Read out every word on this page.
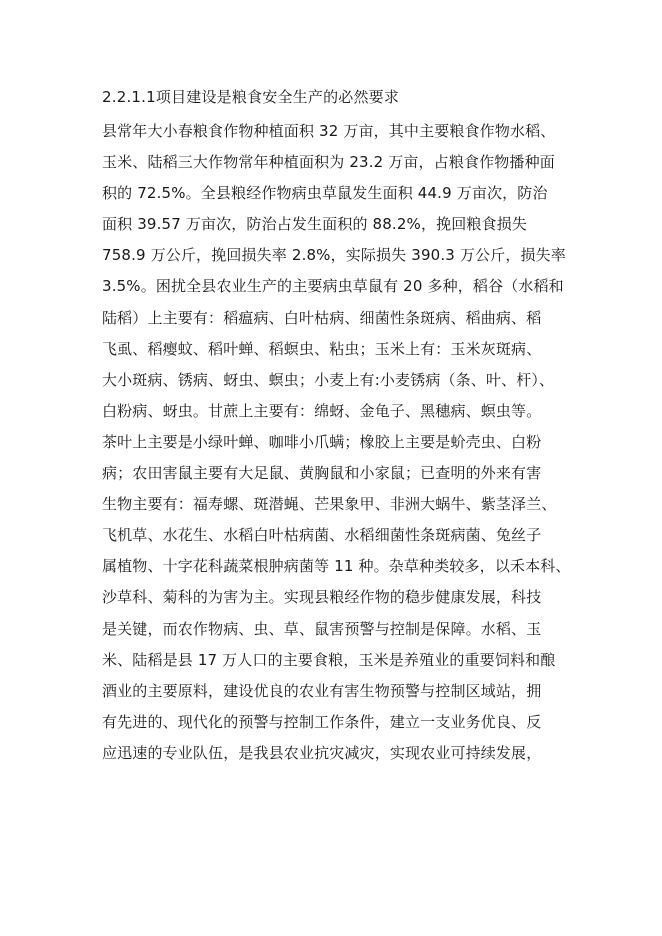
2.2.1.1项目建设是粮食安全生产的必然要求
县常年大小春粮食作物种植面积 32 万亩，其中主要粮食作物水稻、
玉米、陆稻三大作物常年种植面积为 23.2 万亩，占粮食作物播种面
积的 72.5%。全县粮经作物病虫草鼠发生面积 44.9 万亩次，防治
面积 39.57 万亩次，防治占发生面积的 88.2%，挽回粮食损失
758.9 万公斤，挽回损失率 2.8%，实际损失 390.3 万公斤，损失率
3.5%。困扰全县农业生产的主要病虫草鼠有 20 多种，稻谷（水稻和
陆稻）上主要有：稻瘟病、白叶枯病、细菌性条斑病、稻曲病、稻
飞虱、稻瘿蚊、稻叶蝉、稻螟虫、粘虫；玉米上有：玉米灰斑病、
大小斑病、锈病、蚜虫、螟虫；小麦上有:小麦锈病（条、叶、杆）、
白粉病、蚜虫。甘蔗上主要有：绵蚜、金龟子、黑穗病、螟虫等。
茶叶上主要是小绿叶蝉、咖啡小爪螨；橡胶上主要是蚧壳虫、白粉
病；农田害鼠主要有大足鼠、黄胸鼠和小家鼠；已查明的外来有害
生物主要有：福寿螺、斑潜蝇、芒果象甲、非洲大蜗牛、紫茎泽兰、
飞机草、水花生、水稻白叶枯病菌、水稻细菌性条斑病菌、兔丝子
属植物、十字花科蔬菜根肿病菌等 11 种。杂草种类较多，以禾本科、
沙草科、菊科的为害为主。实现县粮经作物的稳步健康发展，科技
是关键，而农作物病、虫、草、鼠害预警与控制是保障。水稻、玉
米、陆稻是县 17 万人口的主要食粮，玉米是养殖业的重要饲料和酿
酒业的主要原料，建设优良的农业有害生物预警与控制区域站，拥
有先进的、现代化的预警与控制工作条件，建立一支业务优良、反
应迅速的专业队伍，是我县农业抗灾减灾，实现农业可持续发展，
